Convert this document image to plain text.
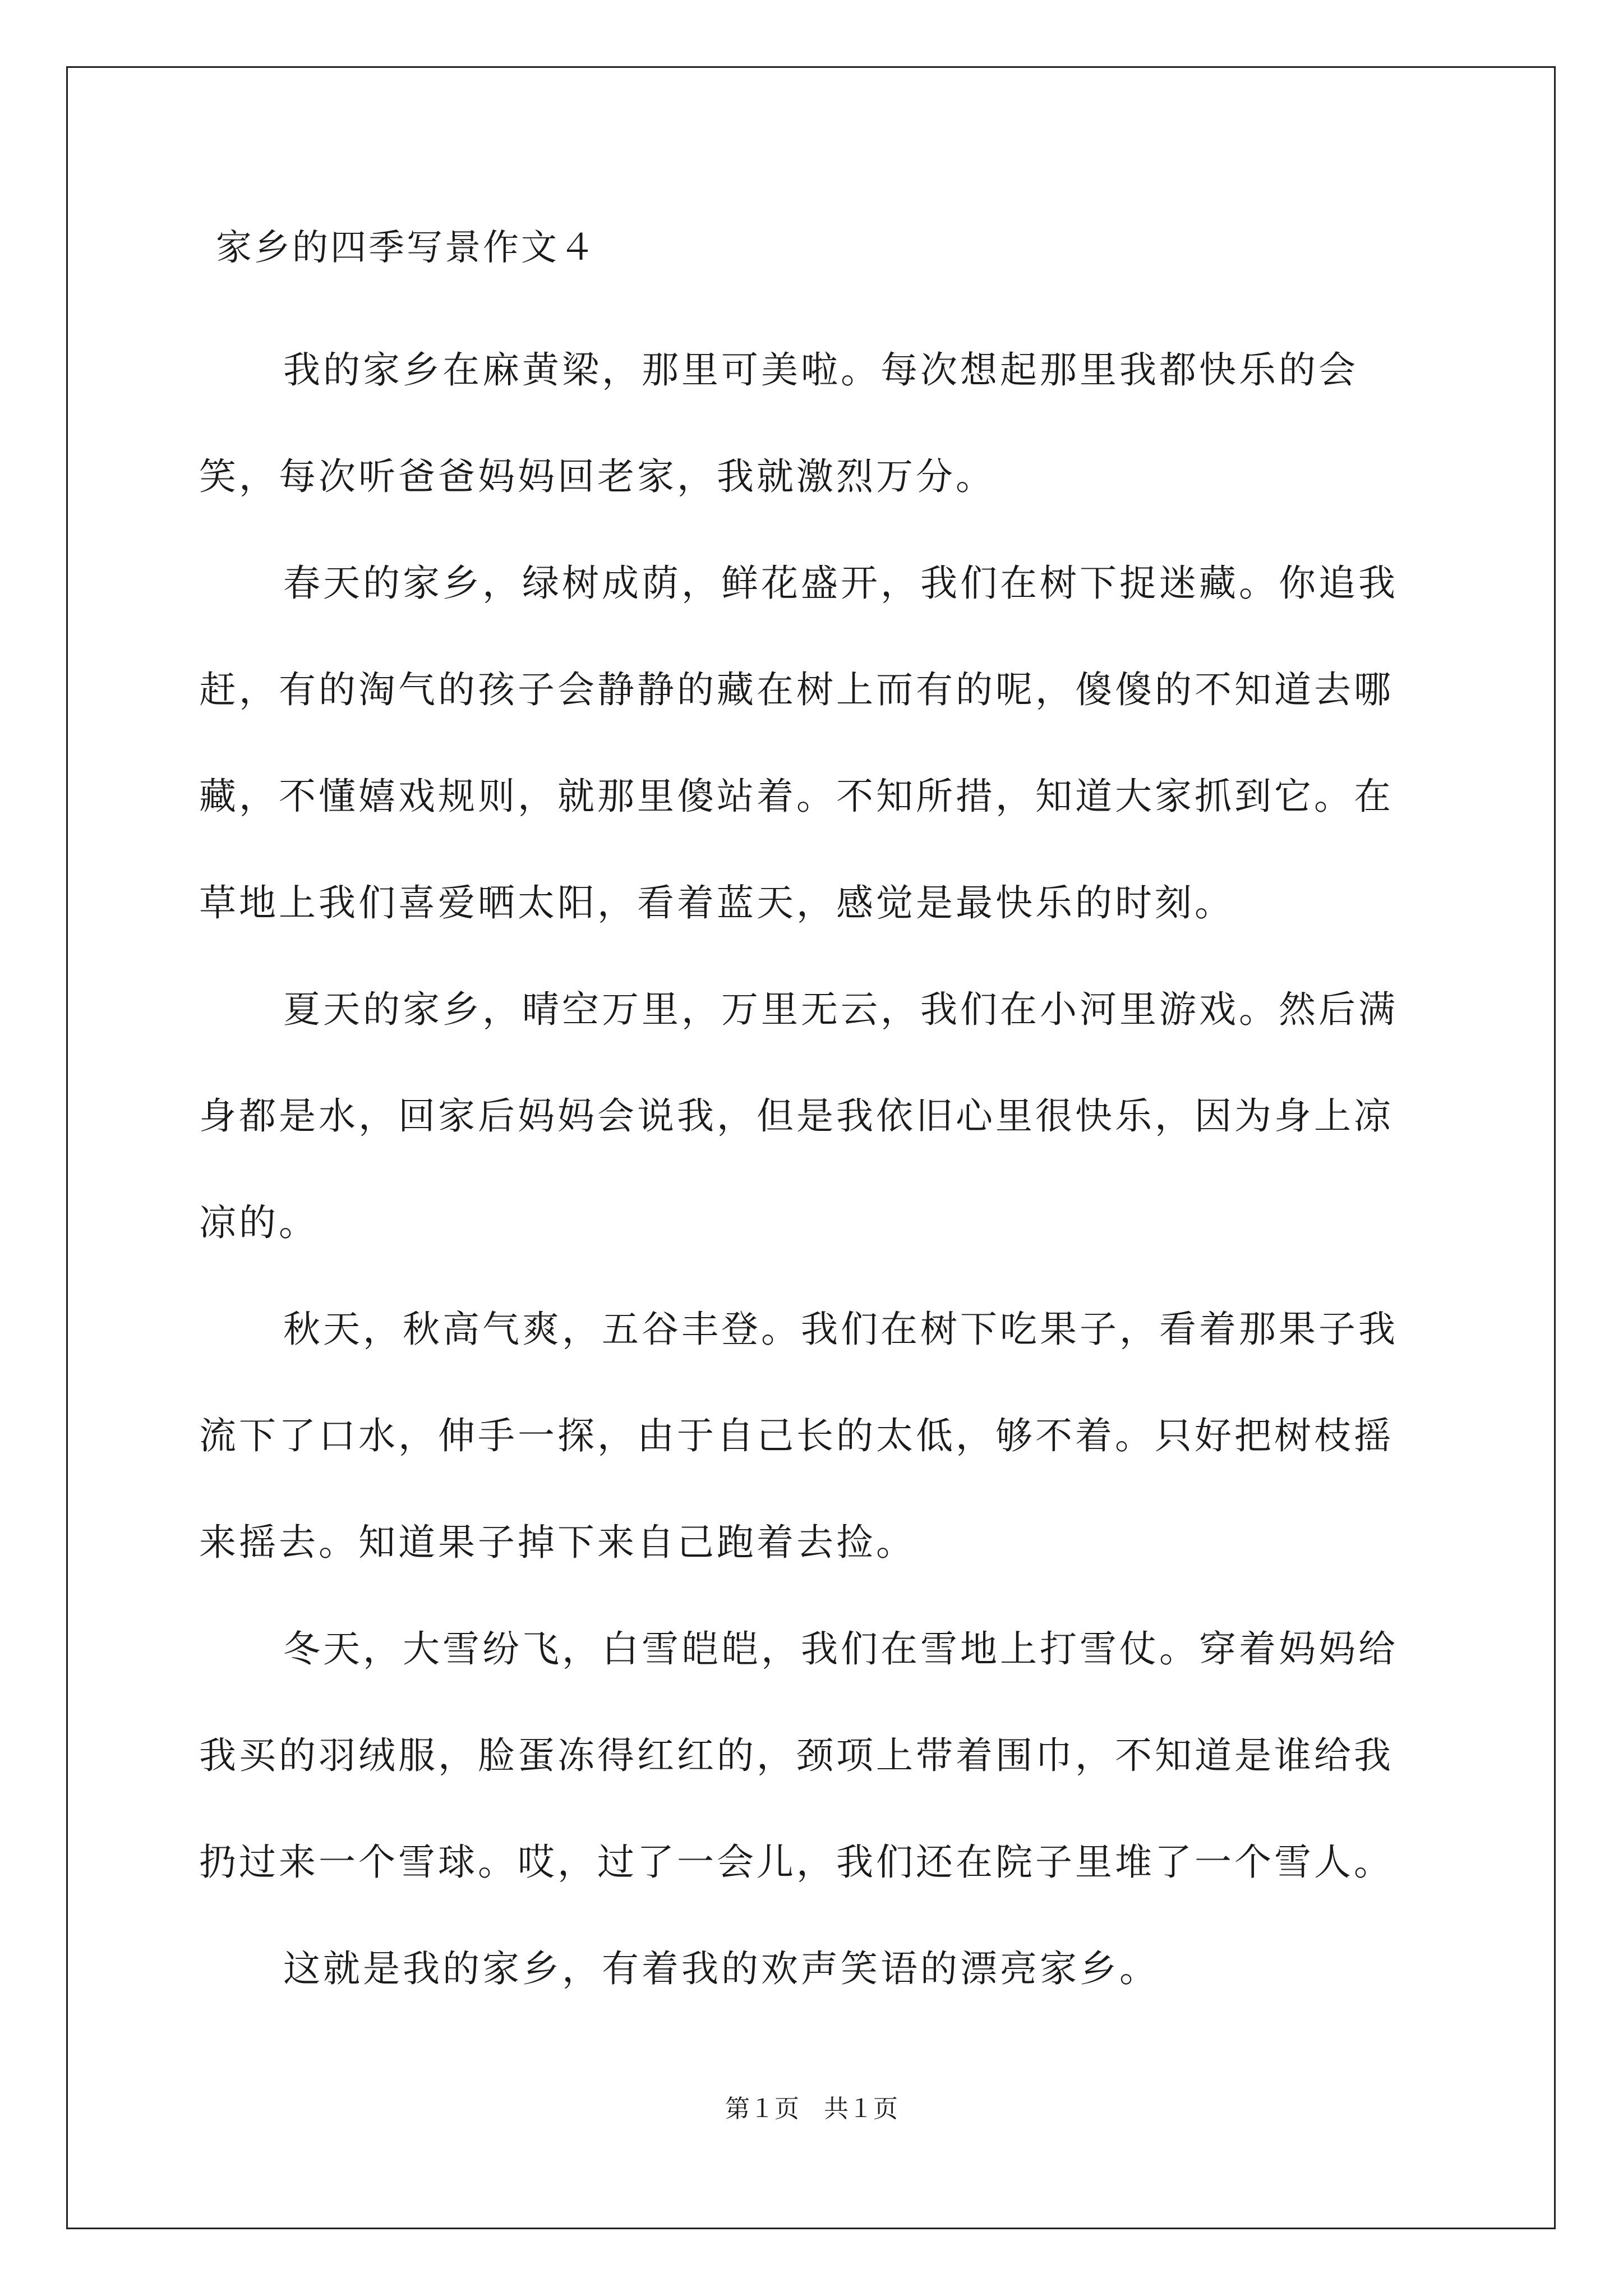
家乡的四季写景作文４

我的家乡在麻黄梁，那里可美啦。每次想起那里我都快乐的会笑，每次听爸爸妈妈回老家，我就激烈万分。

春天的家乡，绿树成荫，鲜花盛开，我们在树下捉迷藏。你追我赶，有的淘气的孩子会静静的藏在树上而有的呢，傻傻的不知道去哪藏，不懂嬉戏规则，就那里傻站着。不知所措，知道大家抓到它。在草地上我们喜爱晒太阳，看着蓝天，感觉是最快乐的时刻。

夏天的家乡，晴空万里，万里无云，我们在小河里游戏。然后满身都是水，回家后妈妈会说我，但是我依旧心里很快乐，因为身上凉凉的。

秋天，秋高气爽，五谷丰登。我们在树下吃果子，看着那果子我流下了口水，伸手一探，由于自己长的太低，够不着。只好把树枝摇来摇去。知道果子掉下来自己跑着去捡。

冬天，大雪纷飞，白雪皑皑，我们在雪地上打雪仗。穿着妈妈给我买的羽绒服，脸蛋冻得红红的，颈项上带着围巾，不知道是谁给我扔过来一个雪球。哎，过了一会儿，我们还在院子里堆了一个雪人。

这就是我的家乡，有着我的欢声笑语的漂亮家乡。

第１页　共１页
